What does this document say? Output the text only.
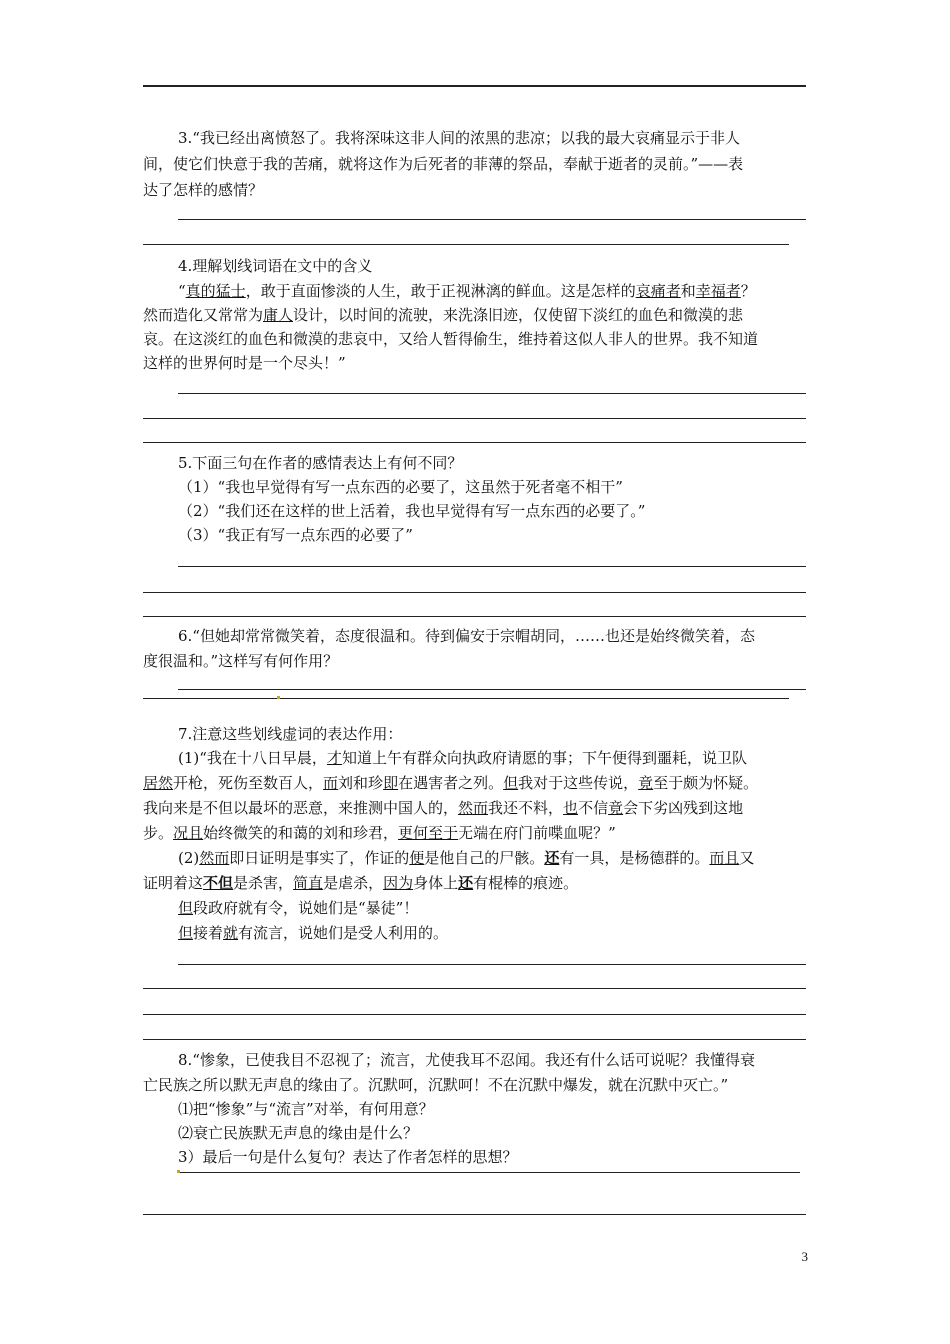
3.“我已经出离愤怒了。我将深味这非人间的浓黑的悲凉；以我的最大哀痛显示于非人
间，使它们快意于我的苦痛，就将这作为后死者的菲薄的祭品，奉献于逝者的灵前。”——表
达了怎样的感情？
4.理解划线词语在文中的含义
“真的猛士，敢于直面惨淡的人生，敢于正视淋漓的鲜血。这是怎样的哀痛者和幸福者？
然而造化又常常为庸人设计，以时间的流驶，来洗涤旧迹，仅使留下淡红的血色和微漠的悲
哀。在这淡红的血色和微漠的悲哀中，又给人暂得偷生，维持着这似人非人的世界。我不知道
这样的世界何时是一个尽头！”
5.下面三句在作者的感情表达上有何不同？
（1）“我也早觉得有写一点东西的必要了，这虽然于死者毫不相干”
（2）“我们还在这样的世上活着，我也早觉得有写一点东西的必要了。”
（3）“我正有写一点东西的必要了”
6.“但她却常常微笑着，态度很温和。待到偏安于宗帽胡同，……也还是始终微笑着，态
度很温和。”这样写有何作用？
7.注意这些划线虚词的表达作用：
(1)“我在十八日早晨，才知道上午有群众向执政府请愿的事；下午便得到噩耗，说卫队
居然开枪，死伤至数百人，而刘和珍即在遇害者之列。但我对于这些传说，竟至于颇为怀疑。
我向来是不但以最坏的恶意，来推测中国人的，然而我还不料，也不信竟会下劣凶残到这地
步。况且始终微笑的和蔼的刘和珍君，更何至于无端在府门前喋血呢？”
(2)然而即日证明是事实了，作证的便是他自己的尸骸。还有一具，是杨德群的。而且又
证明着这不但是杀害，简直是虐杀，因为身体上还有棍棒的痕迹。
但段政府就有令，说她们是“暴徒”！
但接着就有流言，说她们是受人利用的。
8.“惨象，已使我目不忍视了；流言，尤使我耳不忍闻。我还有什么话可说呢？我懂得衰
亡民族之所以默无声息的缘由了。沉默呵，沉默呵！不在沉默中爆发，就在沉默中灭亡。”
⑴把“惨象”与“流言”对举，有何用意？
⑵衰亡民族默无声息的缘由是什么？
3）最后一句是什么复句？表达了作者怎样的思想？
3
